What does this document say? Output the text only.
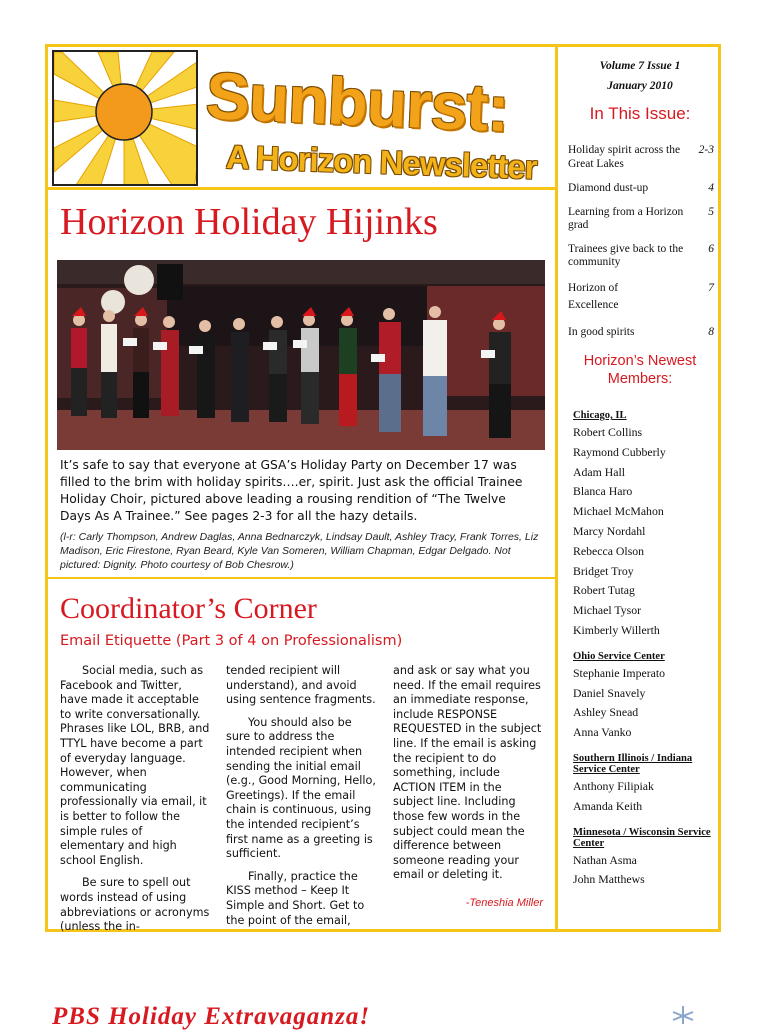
Sunburst:
A Horizon Newsletter
Horizon Holiday Hijinks

It’s safe to say that everyone at GSA’s Holiday Party on December 17 was filled to the brim with holiday spirits….er, spirit. Just ask the official Trainee Holiday Choir, pictured above leading a rousing rendition of “The Twelve Days As A Trainee.” See pages 2-3 for all the hazy details.

(l-r: Carly Thompson, Andrew Daglas, Anna Bednarczyk, Lindsay Dault, Ashley Tracy, Frank Torres, Liz Madison, Eric Firestone, Ryan Beard, Kyle Van Someren, William Chapman, Edgar Delgado. Not pictured: Dignity. Photo courtesy of Bob Chesrow.)

Coordinator’s Corner

Email Etiquette (Part 3 of 4 on Professionalism)

Social media, such as Facebook and Twitter, have made it acceptable to write conversationally. Phrases like LOL, BRB, and TTYL have become a part of everyday language. However, when communicating professionally via email, it is better to follow the simple rules of elementary and high school English.

Be sure to spell out words instead of using abbreviations or acronyms (unless the in-

tended recipient will understand), and avoid using sentence fragments.

You should also be sure to address the intended recipient when sending the initial email (e.g., Good Morning, Hello, Greetings). If the email chain is continuous, using the intended recipient’s first name as a greeting is sufficient.

Finally, practice the KISS method – Keep It Simple and Short. Get to the point of the email,

and ask or say what you need. If the email requires an immediate response, include RESPONSE REQUESTED in the subject line. If the email is asking the recipient to do something, include ACTION ITEM in the subject line. Including those few words in the subject could mean the difference between someone reading your email or deleting it.

-Teneshia Miller
Volume 7 Issue 1
January 2010
In This Issue:
Holiday spirit across the Great Lakes
2-3
Diamond dust-up	4
Learning from a Horizon grad
5
Trainees give back to the community
6
Horizon of Excellence
7
In good spirits	8
Horizon’s Newest Members:

Chicago, IL

Robert Collins

Raymond Cubberly

Adam Hall

Blanca Haro

Michael McMahon

Marcy Nordahl

Rebecca Olson

Bridget Troy

Robert Tutag

Michael Tysor

Kimberly Willerth

Ohio Service Center

Stephanie Imperato

Daniel Snavely

Ashley Snead

Anna Vanko

Southern Illinois / Indiana Service Center

Anthony Filipiak

Amanda Keith

Minnesota / Wisconsin Service Center

Nathan Asma

John Matthews

PBS Holiday Extravaganza!
